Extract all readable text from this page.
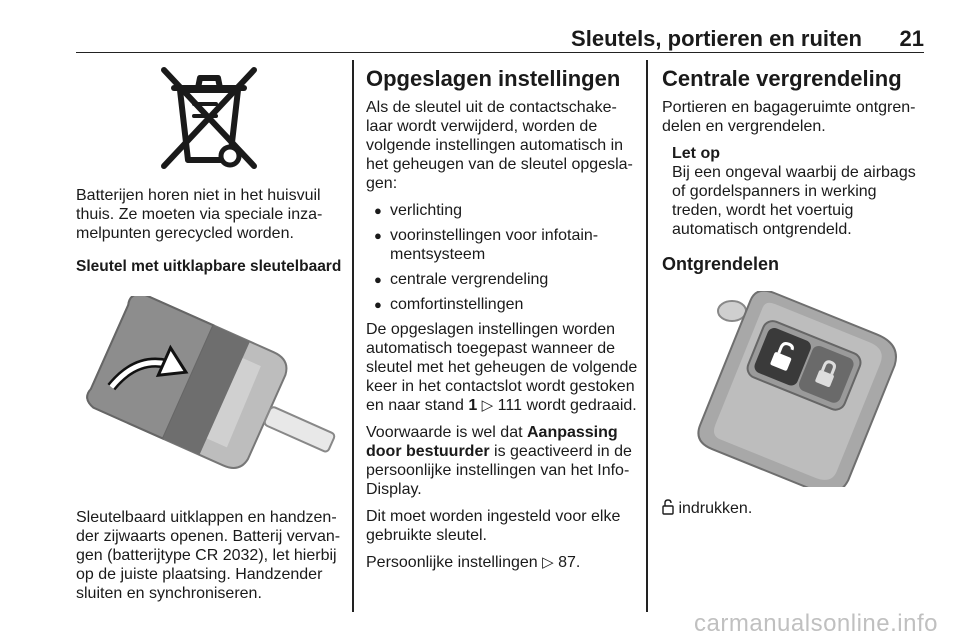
Sleutels, portieren en ruiten 21

Batterijen horen niet in het huisvuil thuis. Ze moeten via speciale inza-melpunten gerecycled worden.

Sleutel met uitklapbare sleutelbaard

Sleutelbaard uitklappen en handzen-der zijwaarts openen. Batterij vervan-gen (batterijtype CR 2032), let hierbij op de juiste plaatsing. Handzender sluiten en synchroniseren.

Opgeslagen instellingen

Als de sleutel uit de contactschake-laar wordt verwijderd, worden de volgende instellingen automatisch in het geheugen van de sleutel opgesla-gen:

● verlichting
● voorinstellingen voor infotain-mentsysteem
● centrale vergrendeling
● comfortinstellingen

De opgeslagen instellingen worden automatisch toegepast wanneer de sleutel met het geheugen de volgende keer in het contactslot wordt gestoken en naar stand 1 ▷ 111 wordt gedraaid.

Voorwaarde is wel dat Aanpassing door bestuurder is geactiveerd in de persoonlijke instellingen van het Info-Display.

Dit moet worden ingesteld voor elke gebruikte sleutel.

Persoonlijke instellingen ▷ 87.

Centrale vergrendeling

Portieren en bagageruimte ontgren-delen en vergrendelen.

Let op
Bij een ongeval waarbij de airbags of gordelspanners in werking treden, wordt het voertuig automatisch ontgrendeld.
Ontgrendelen

indrukken.

carmanualsonline.info
